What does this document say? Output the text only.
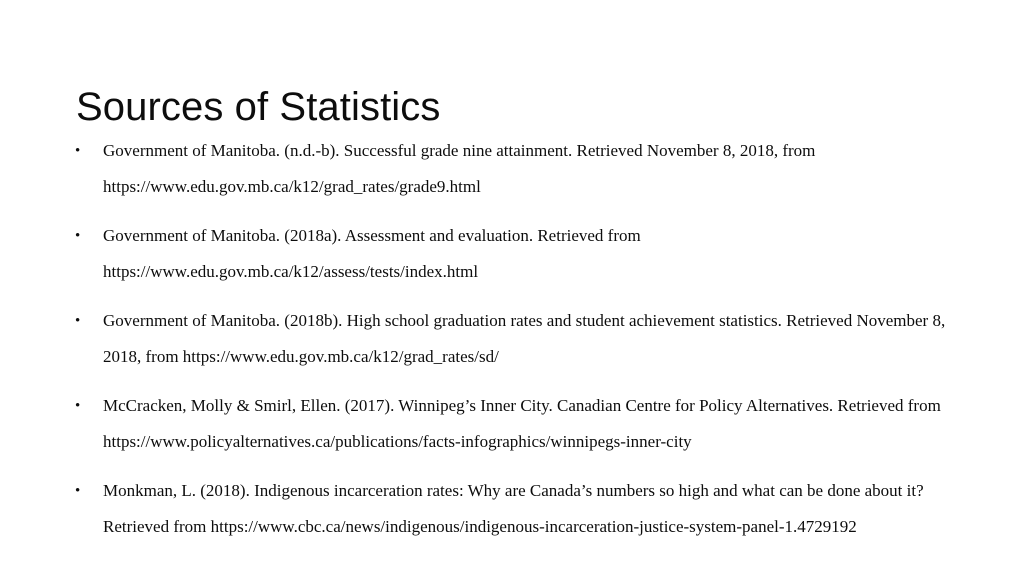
Sources of Statistics
•	Government of Manitoba. (n.d.-b). Successful grade nine attainment. Retrieved November 8, 2018, from https://www.edu.gov.mb.ca/k12/grad_rates/grade9.html
•	Government of Manitoba. (2018a). Assessment and evaluation. Retrieved from https://www.edu.gov.mb.ca/k12/assess/tests/index.html
•	Government of Manitoba. (2018b). High school graduation rates and student achievement statistics. Retrieved November 8, 2018, from https://www.edu.gov.mb.ca/k12/grad_rates/sd/
•	McCracken, Molly & Smirl, Ellen. (2017). Winnipeg’s Inner City. Canadian Centre for Policy Alternatives. Retrieved from https://www.policyalternatives.ca/publications/facts-infographics/winnipegs-inner-city
•	Monkman, L. (2018). Indigenous incarceration rates: Why are Canada’s numbers so high and what can be done about it? Retrieved from https://www.cbc.ca/news/indigenous/indigenous-incarceration-justice-system-panel-1.4729192
